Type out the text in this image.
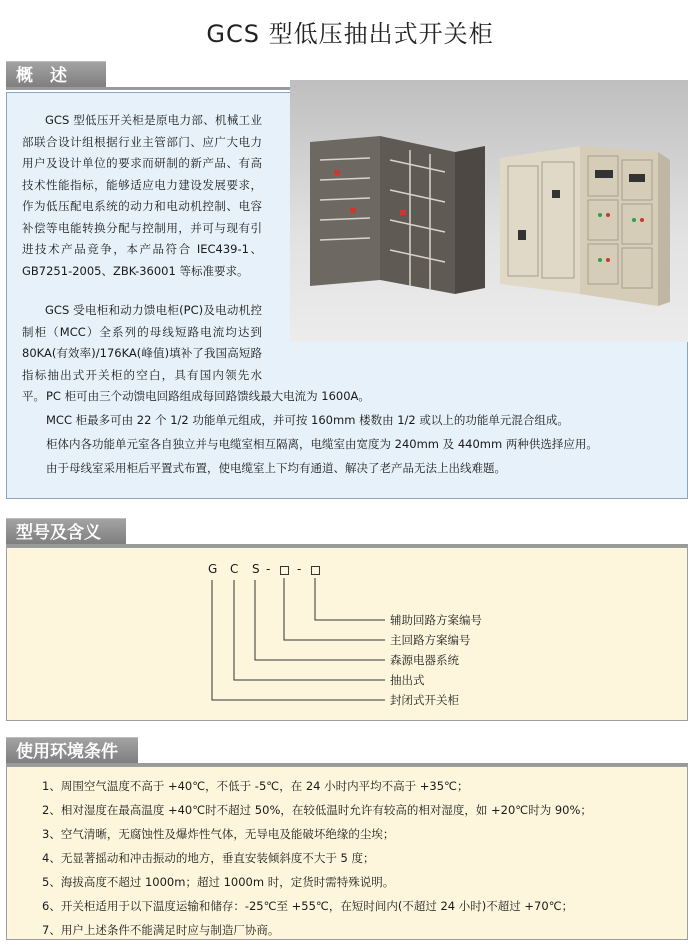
GCS 型低压抽出式开关柜
概　述
GCS 型低压开关柜是原电力部、机械工业部联合设计组根据行业主管部门、应广大电力用户及设计单位的要求而研制的新产品、有高技术性能指标，能够适应电力建设发展要求，作为低压配电系统的动力和电动机控制、电容补偿等电能转换分配与控制用，并可与现有引进技术产品竞争，本产品符合 IEC439-1、GB7251-2005、ZBK-36001 等标准要求。
GCS 受电柜和动力馈电柜(PC)及电动机控制柜（MCC）全系列的母线短路电流均达到 80KA(有效率)/176KA(峰值)填补了我国高短路指标抽出式开关柜的空白，具有国内领先水平。 PC 柜可由三个动馈电回路组成每回路馈线最大电流为 1600A。
MCC 柜最多可由 22 个 1/2 功能单元组成，并可按 160mm 楼数由 1/2 或以上的功能单元混合组成。
柜体内各功能单元室各自独立并与电缆室相互隔离，电缆室由宽度为 240mm 及 440mm 两种供选择应用。
由于母线室采用柜后平置式布置，使电缆室上下均有通道、解决了老产品无法上出线难题。
型号及含义
G C S - -
辅助回路方案编号
主回路方案编号
森源电器系统
抽出式
封闭式开关柜
使用环境条件
1、周围空气温度不高于 +40℃，不低于 -5℃，在 24 小时内平均不高于 +35℃；
2、相对湿度在最高温度 +40℃时不超过 50%，在较低温时允许有较高的相对湿度，如 +20℃时为 90%；
3、空气清晰，无腐蚀性及爆炸性气体，无导电及能破坏绝缘的尘埃；
4、无显著摇动和冲击振动的地方，垂直安装倾斜度不大于 5 度；
5、海拔高度不超过 1000m；超过 1000m 时，定货时需特殊说明。
6、开关柜适用于以下温度运输和储存：-25℃至 +55℃，在短时间内(不超过 24 小时)不超过 +70℃；
7、用户上述条件不能满足时应与制造厂协商。
